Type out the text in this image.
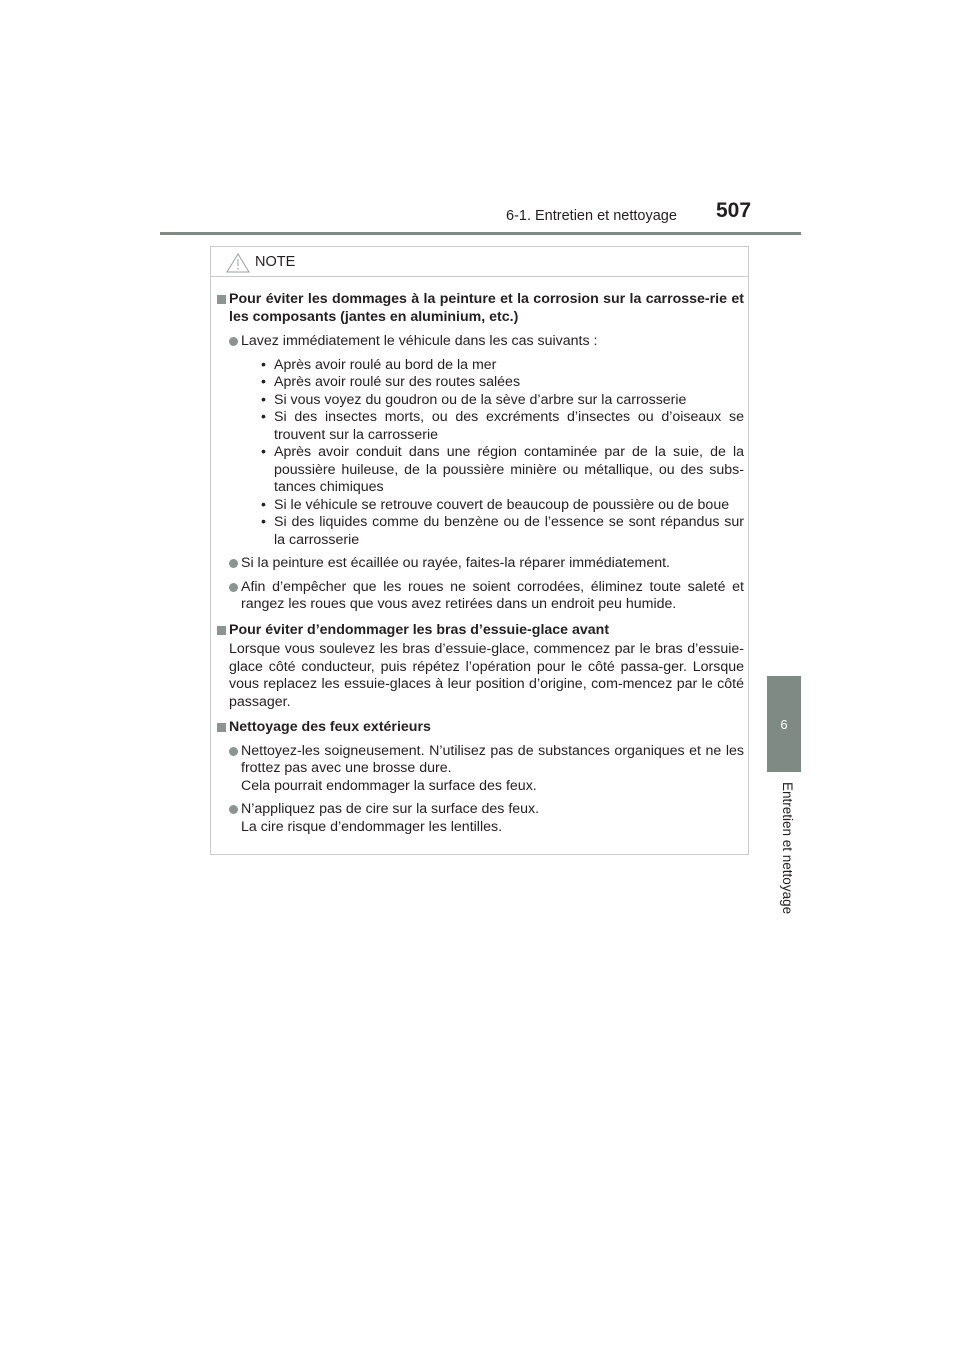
6-1. Entretien et nettoyage	507
6
Entretien et nettoyage
NOTE
Pour éviter les dommages à la peinture et la corrosion sur la carrosse-rie et les composants (jantes en aluminium, etc.)
Lavez immédiatement le véhicule dans les cas suivants :
• Après avoir roulé au bord de la mer
• Après avoir roulé sur des routes salées
• Si vous voyez du goudron ou de la sève d’arbre sur la carrosserie
• Si des insectes morts, ou des excréments d’insectes ou d’oiseaux se trouvent sur la carrosserie
• Après avoir conduit dans une région contaminée par de la suie, de la poussière huileuse, de la poussière minière ou métallique, ou des subs-tances chimiques
• Si le véhicule se retrouve couvert de beaucoup de poussière ou de boue
• Si des liquides comme du benzène ou de l’essence se sont répandus sur la carrosserie
Si la peinture est écaillée ou rayée, faites-la réparer immédiatement.
Afin d’empêcher que les roues ne soient corrodées, éliminez toute saleté et rangez les roues que vous avez retirées dans un endroit peu humide.
Pour éviter d’endommager les bras d’essuie-glace avant
Lorsque vous soulevez les bras d’essuie-glace, commencez par le bras d’essuie-glace côté conducteur, puis répétez l’opération pour le côté passa-ger. Lorsque vous replacez les essuie-glaces à leur position d’origine, com-mencez par le côté passager.
Nettoyage des feux extérieurs
Nettoyez-les soigneusement. N’utilisez pas de substances organiques et ne les frottez pas avec une brosse dure.
Cela pourrait endommager la surface des feux.
N’appliquez pas de cire sur la surface des feux.
La cire risque d’endommager les lentilles.
